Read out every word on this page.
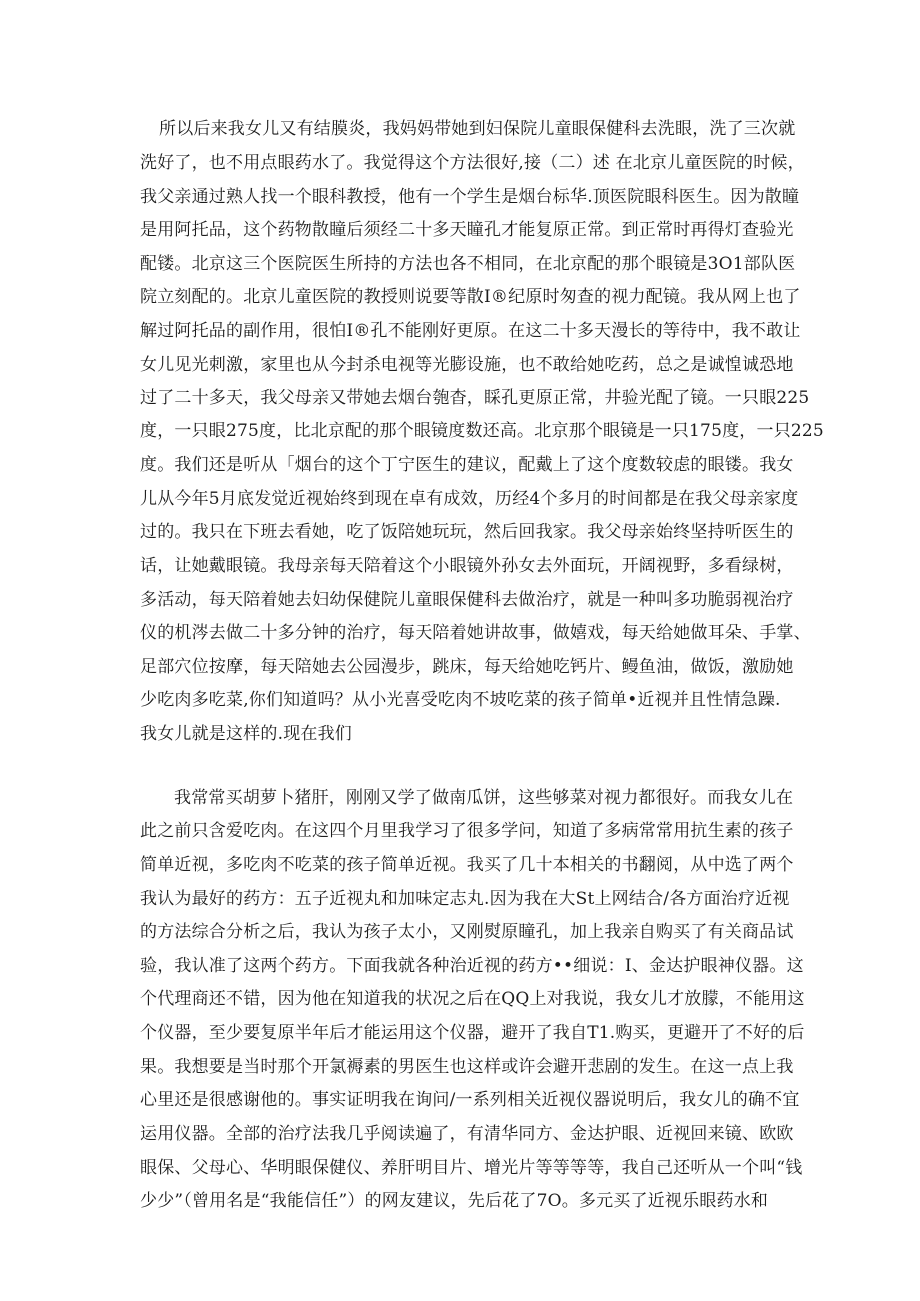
所以后来我女儿又有结膜炎，我妈妈带她到妇保院儿童眼保健科去洗眼，洗了三次就
洗好了，也不用点眼药水了。我觉得这个方法很好,接（二）述 在北京儿童医院的时候，
我父亲通过熟人找一个眼科教授，他有一个学生是烟台标华.顶医院眼科医生。因为散瞳
是用阿托品，这个药物散瞳后须经二十多天瞳孔才能复原正常。到正常时再得灯查验光
配镂。北京这三个医院医生所持的方法也各不相同，在北京配的那个眼镜是3O1部队医
院立刻配的。北京儿童医院的教授则说要等散I®纪原时匆查的视力配镜。我从网上也了
解过阿托品的副作用，很怕I®孔不能刚好更原。在这二十多天漫长的等待中，我不敢让
女儿见光刺激，家里也从今封杀电视等光膨设施，也不敢给她吃药，总之是诚惶诚恐地
过了二十多天，我父母亲又带她去烟台匏杳，睬孔更原正常，井验光配了镜。一只眼225
度，一只眼275度，比北京配的那个眼镜度数还高。北京那个眼镜是一只175度，一只225
度。我们还是听从「烟台的这个丁宁医生的建议，配戴上了这个度数较虑的眼镂。我女
儿从今年5月底发觉近视始终到现在卓有成效，历经4个多月的时间都是在我父母亲家度
过的。我只在下班去看她，吃了饭陪她玩玩，然后回我家。我父母亲始终坚持听医生的
话，让她戴眼镜。我母亲每天陪着这个小眼镜外孙女去外面玩，开阔视野，多看绿树，
多活动，每天陪着她去妇幼保健院儿童眼保健科去做治疗，就是一种叫多功脆弱视治疗
仪的机涔去做二十多分钟的治疗，每天陪着她讲故事，做嬉戏，每天给她做耳朵、手掌、
足部穴位按摩，每天陪她去公园漫步，跳床，每天给她吃钙片、鳗鱼油，做饭，激励她
少吃肉多吃菜,你们知道吗？从小光喜受吃肉不坡吃菜的孩子简单•近视并且性情急躁.
我女儿就是这样的.现在我们
我常常买胡萝卜猪肝，刚刚又学了做南瓜饼，这些够菜对视力都很好。而我女儿在
此之前只含爱吃肉。在这四个月里我学习了很多学问，知道了多病常常用抗生素的孩子
简单近视，多吃肉不吃菜的孩子简单近视。我买了几十本相关的书翻阅，从中选了两个
我认为最好的药方：五子近视丸和加味定志丸.因为我在大St上网结合/各方面治疗近视
的方法综合分析之后，我认为孩子太小，又刚熨原瞳孔，加上我亲自购买了有关商品试
验，我认准了这两个药方。下面我就各种治近视的药方••细说：I、金达护眼神仪器。这
个代理商还不错，因为他在知道我的状况之后在QQ上对我说，我女儿才放朦，不能用这
个仪器，至少要复原半年后才能运用这个仪器，避开了我自T1.购买，更避开了不好的后
果。我想要是当时那个开氯褥素的男医生也这样或许会避开悲剧的发生。在这一点上我
心里还是很感谢他的。事实证明我在询问/一系列相关近视仪器说明后，我女儿的确不宜
运用仪器。全部的治疗法我几乎阅读遍了，有清华同方、金达护眼、近视回来镜、欧欧
眼保、父母心、华明眼保健仪、养肝明目片、增光片等等等等，我自己还听从一个叫“钱
少少”（曾用名是“我能信任”）的网友建议，先后花了7O。多元买了近视乐眼药水和
